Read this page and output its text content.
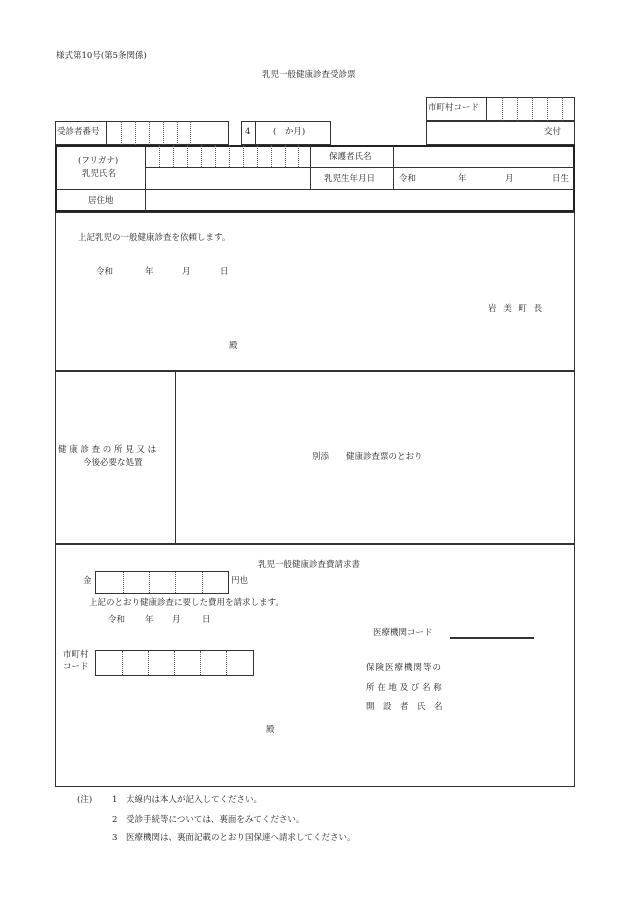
様式第10号(第5条関係)
乳児一般健康診査受診票
市町村コード
受診者番号	4	(　か月)	交付
(フリガナ)
乳児氏名
保護者氏名
乳児生年月日	令和	年	月	日生
居住地
上記乳児の一般健康診査を依頼します。
令和	年	月	日
岩 美 町 長
殿
健 康 診 査 の 所 見 又 は
今後必要な処置
別添　　健康診査票のとおり
乳児一般健康診査費請求書
金	円也
上記のとおり健康診査に要した費用を請求します。
令和 年 月	日
医療機関コード
市町村
コード	保険医療機関等の
所 在 地 及 び 名 称
開　設　者　氏　名
殿
(注) 1 太線内は本人が記入してください。
2 受診手続等については、裏面をみてください。
3 医療機関は、裏面記載のとおり国保連へ請求してください。
